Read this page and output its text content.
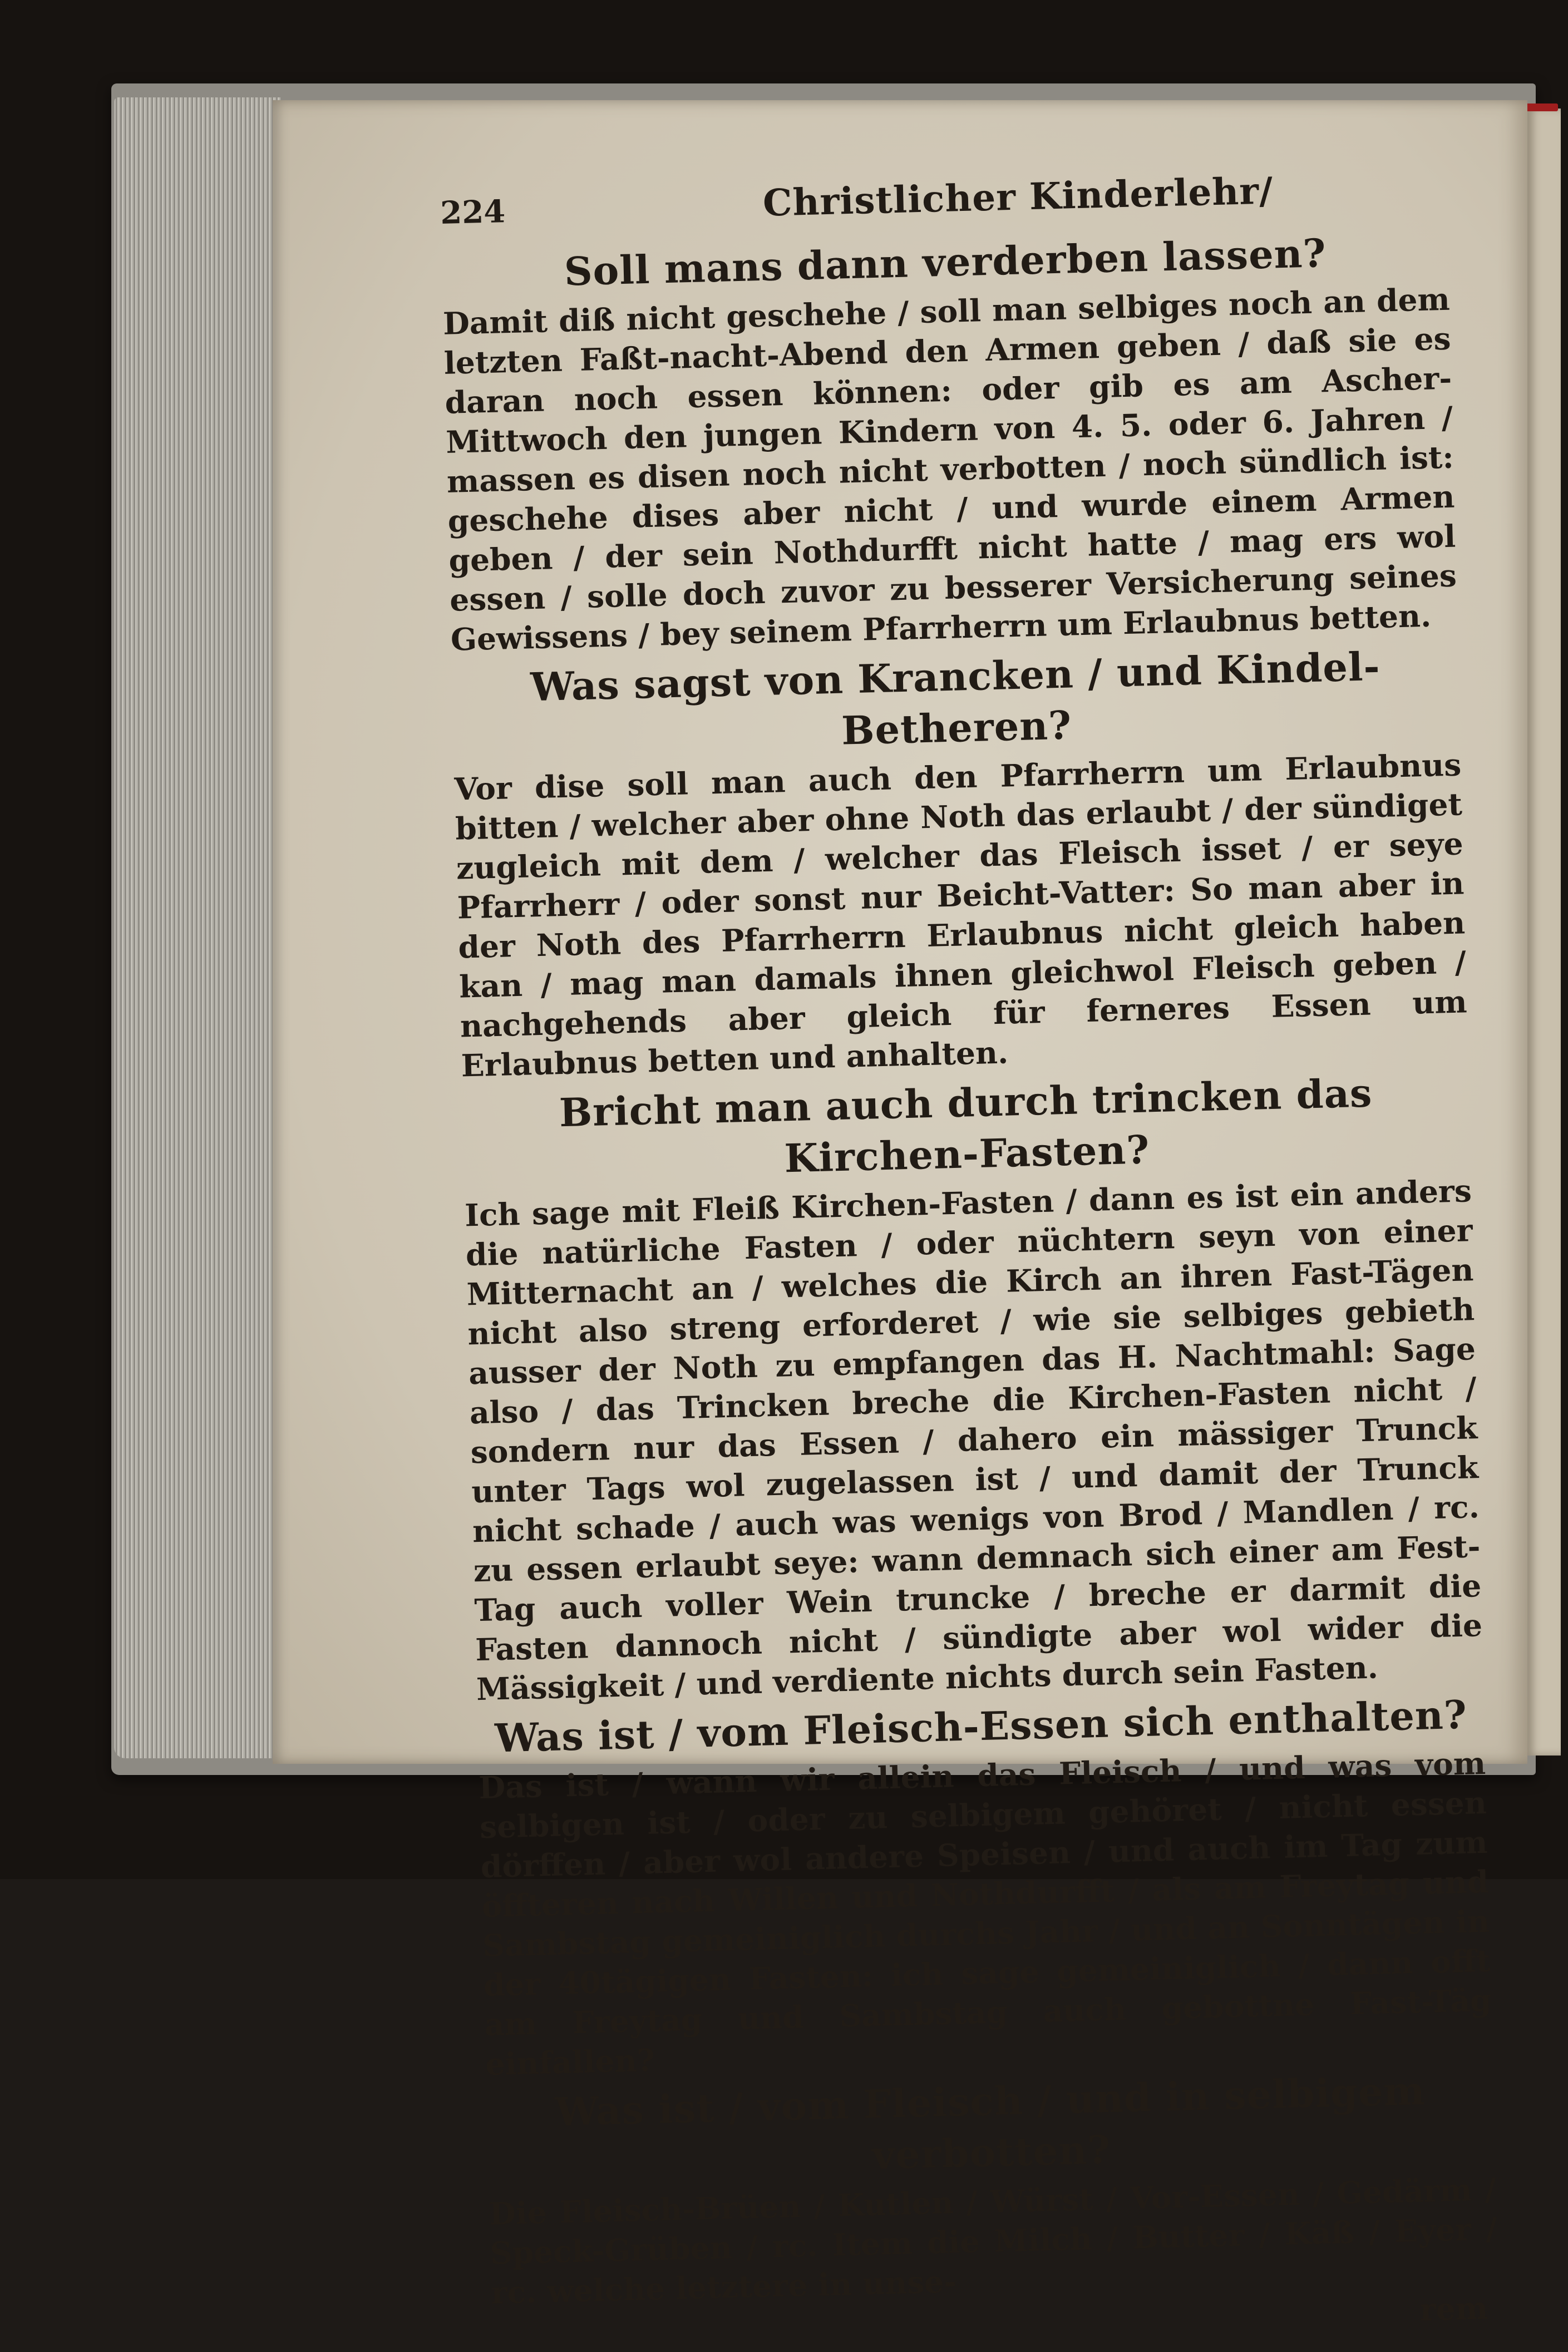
224	Christlicher Kinderlehr/
Soll mans dann verderben lassen?

Damit diß nicht geschehe / soll man selbiges noch an dem letzten Faßt-nacht-Abend den Armen geben / daß sie es daran noch essen können: oder gib es am Ascher-Mittwoch den jungen Kindern von 4. 5. oder 6. Jahren / massen es disen noch nicht verbotten / noch sündlich ist: geschehe dises aber nicht / und wurde einem Armen geben / der sein Nothdurfft nicht hatte / mag ers wol essen / solle doch zuvor zu besserer Versicherung seines Gewissens / bey seinem Pfarrherrn um Erlaubnus betten.

Was sagst von Krancken / und Kindel-Betheren?

Vor dise soll man auch den Pfarrherrn um Erlaubnus bitten / welcher aber ohne Noth das erlaubt / der sündiget zugleich mit dem / welcher das Fleisch isset / er seye Pfarrherr / oder sonst nur Beicht-Vatter: So man aber in der Noth des Pfarrherrn Erlaubnus nicht gleich haben kan / mag man damals ihnen gleichwol Fleisch geben / nachgehends aber gleich für ferneres Essen um Erlaubnus betten und anhalten.

Bricht man auch durch trincken das Kirchen-Fasten?

Ich sage mit Fleiß Kirchen-Fasten / dann es ist ein anders die natürliche Fasten / oder nüchtern seyn von einer Mitternacht an / welches die Kirch an ihren Fast-Tägen nicht also streng erforderet / wie sie selbiges gebieth ausser der Noth zu empfangen das H. Nachtmahl: Sage also / das Trincken breche die Kirchen-Fasten nicht / sondern nur das Essen / dahero ein mässiger Trunck unter Tags wol zugelassen ist / und damit der Trunck nicht schade / auch was wenigs von Brod / Mandlen / rc. zu essen erlaubt seye: wann demnach sich einer am Fest-Tag auch voller Wein truncke / breche er darmit die Fasten dannoch nicht / sündigte aber wol wider die Mässigkeit / und verdiente nichts durch sein Fasten.

Was ist / vom Fleisch-Essen sich enthalten?

Das ist / wann wir allein das Fleisch / und was vom selbigen ist / oder zu selbigem gehöret / nicht essen dörffen / aber wol andere Speisen / und auch im Tag zum öffteren nach Willen und Nothdurfft / als am Freytag und Sambstag gemeiniglich durchs Jahr / und an Sonntägen in der 40tägigen Fasten: ich sage gemeiniglich / dann offt am Freytag und Sambstag auch gebottne Fast-Täg einfallen?

Was ist / vom Fleisch / und in selbigem verbotten?

Die Fleisch-Brüen / Kutlen / Würst / Vor-Essen / Gedärm / Speck-Grüben / rc. Item die Milch / Butter / Käß / Eyer / rc. welche letztere in unse-	rem
